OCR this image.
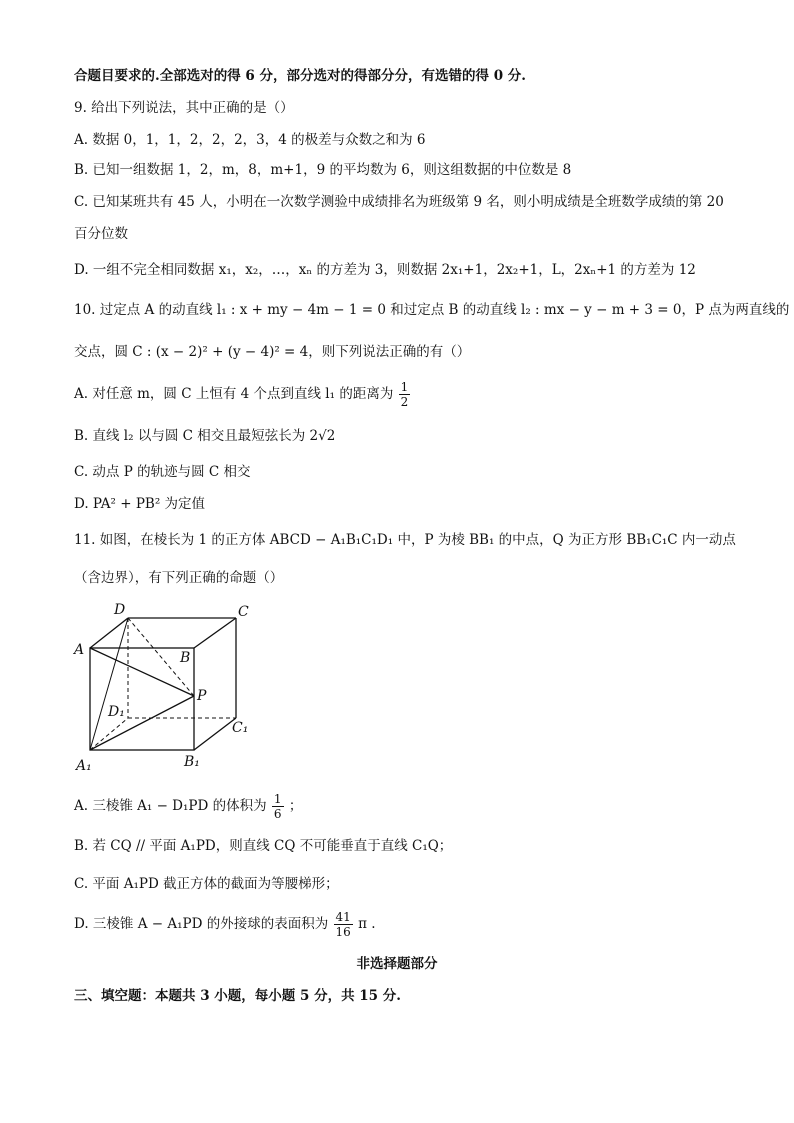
合题目要求的.全部选对的得 6 分，部分选对的得部分分，有选错的得 0 分.
9. 给出下列说法，其中正确的是（）
A. 数据 0，1，1，2，2，2，3，4 的极差与众数之和为 6
B. 已知一组数据 1，2，m，8，m+1，9 的平均数为 6，则这组数据的中位数是 8
C. 已知某班共有 45 人，小明在一次数学测验中成绩排名为班级第 9 名，则小明成绩是全班数学成绩的第 20
百分位数
D. 一组不完全相同数据 x₁，x₂，…，xₙ 的方差为 3，则数据 2x₁+1，2x₂+1，L，2xₙ+1 的方差为 12
10. 过定点 A 的动直线 l₁ : x + my − 4m − 1 = 0 和过定点 B 的动直线 l₂ : mx − y − m + 3 = 0，P 点为两直线的
交点，圆 C : (x − 2)² + (y − 4)² = 4，则下列说法正确的有（）
A. 对任意 m，圆 C 上恒有 4 个点到直线 l₁ 的距离为 $\frac{1}{2}$
B. 直线 l₂ 以与圆 C 相交且最短弦长为 2√2
C. 动点 P 的轨迹与圆 C 相交
D. PA² + PB² 为定值
11. 如图，在棱长为 1 的正方体 ABCD − A₁B₁C₁D₁ 中，P 为棱 BB₁ 的中点，Q 为正方形 BB₁C₁C 内一动点
（含边界），有下列正确的命题（）
D	C
A	B
P
D₁
C₁
A₁	B₁
A. 三棱锥 A₁ − D₁PD 的体积为 $\frac{1}{6}$ ；
B. 若 CQ // 平面 A₁PD，则直线 CQ 不可能垂直于直线 C₁Q；
C. 平面 A₁PD 截正方体的截面为等腰梯形；
D. 三棱锥 A − A₁PD 的外接球的表面积为 $\frac{41}{16}$ π .
非选择题部分
三、填空题：本题共 3 小题，每小题 5 分，共 15 分.
